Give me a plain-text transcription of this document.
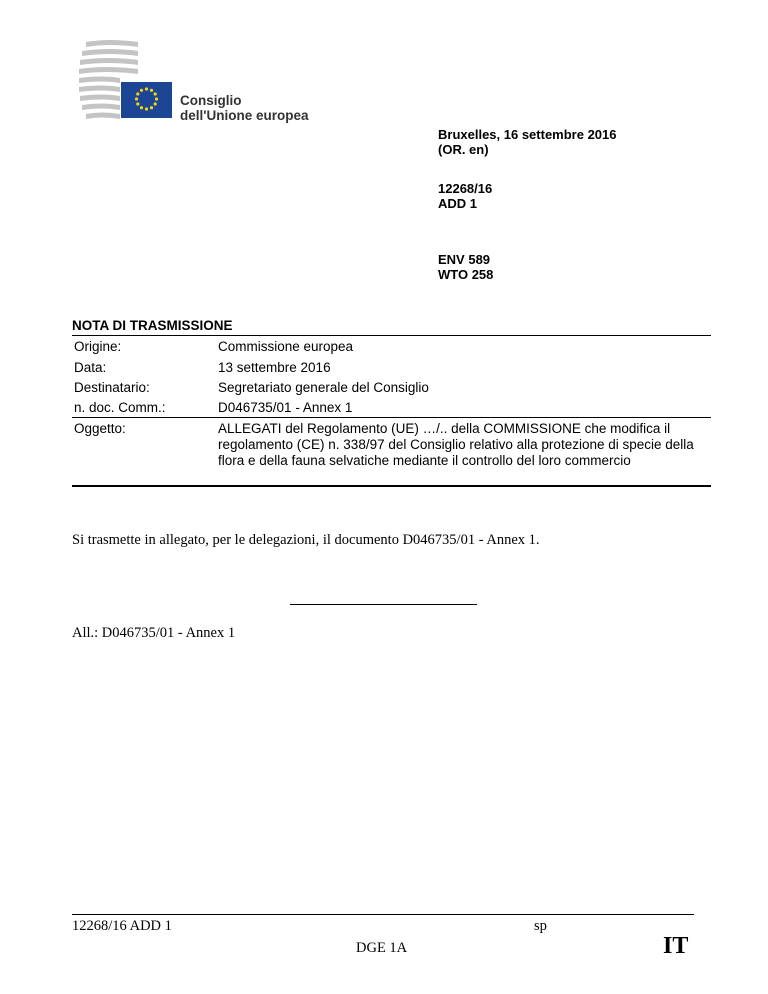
Consiglio
dell'Unione europea
Bruxelles, 16 settembre 2016
(OR. en)
12268/16
ADD 1
ENV 589
WTO 258
NOTA DI TRASMISSIONE
Origine:	Commissione europea
Data:	13 settembre 2016
Destinatario:	Segretariato generale del Consiglio
n. doc. Comm.:	D046735/01 - Annex 1
Oggetto:	ALLEGATI del Regolamento (UE) …/.. della COMMISSIONE che modifica il regolamento (CE) n. 338/97 del Consiglio relativo alla protezione di specie della flora e della fauna selvatiche mediante il controllo del loro commercio
Si trasmette in allegato, per le delegazioni, il documento D046735/01 - Annex 1.
All.: D046735/01 - Annex 1
12268/16 ADD 1	sp
DGE 1A	IT
